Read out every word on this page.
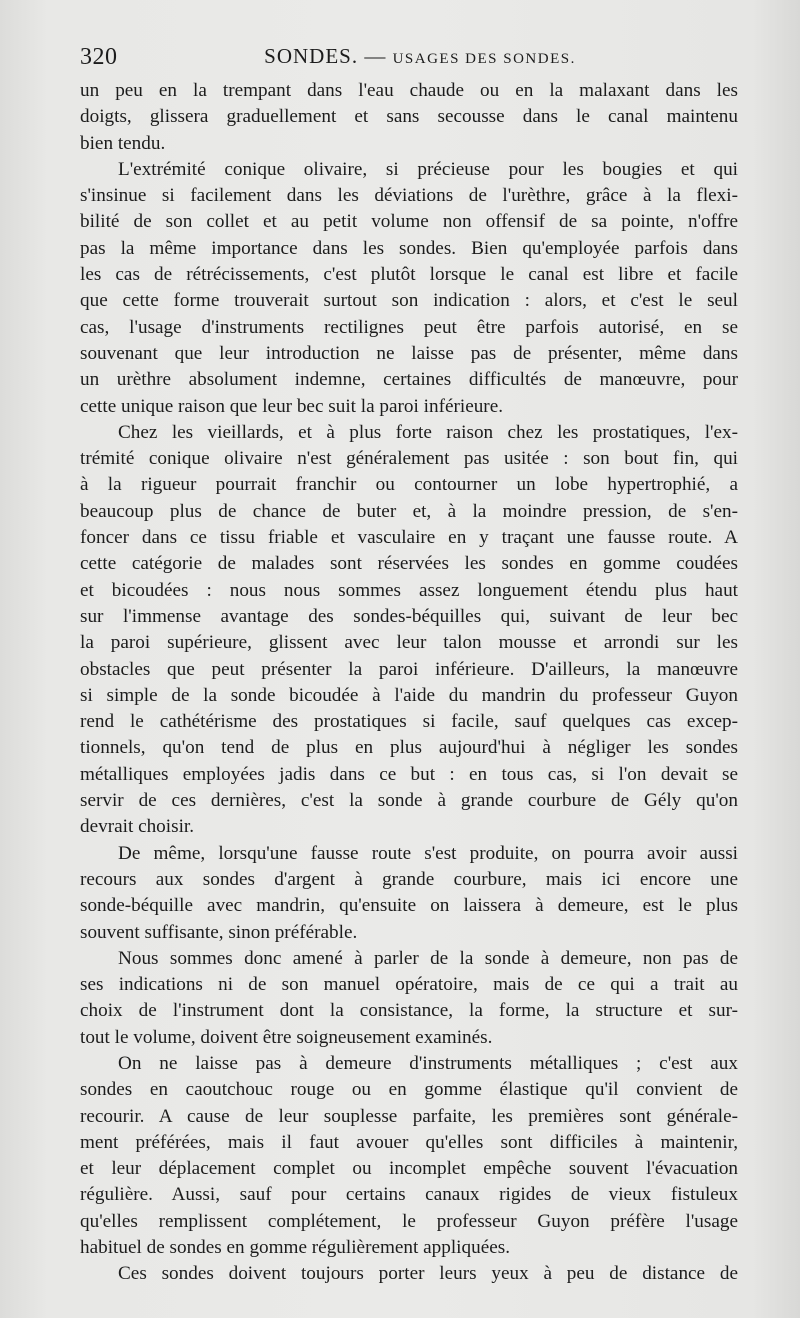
320	SONDES. — USAGES DES SONDES.
un peu en la trempant dans l'eau chaude ou en la malaxant dans les
doigts, glissera graduellement et sans secousse dans le canal maintenu
bien tendu.
L'extrémité conique olivaire, si précieuse pour les bougies et qui
s'insinue si facilement dans les déviations de l'urèthre, grâce à la flexi-
bilité de son collet et au petit volume non offensif de sa pointe, n'offre
pas la même importance dans les sondes. Bien qu'employée parfois dans
les cas de rétrécissements, c'est plutôt lorsque le canal est libre et facile
que cette forme trouverait surtout son indication : alors, et c'est le seul
cas, l'usage d'instruments rectilignes peut être parfois autorisé, en se
souvenant que leur introduction ne laisse pas de présenter, même dans
un urèthre absolument indemne, certaines difficultés de manœuvre, pour
cette unique raison que leur bec suit la paroi inférieure.
Chez les vieillards, et à plus forte raison chez les prostatiques, l'ex-
trémité conique olivaire n'est généralement pas usitée : son bout fin, qui
à la rigueur pourrait franchir ou contourner un lobe hypertrophié, a
beaucoup plus de chance de buter et, à la moindre pression, de s'en-
foncer dans ce tissu friable et vasculaire en y traçant une fausse route. A
cette catégorie de malades sont réservées les sondes en gomme coudées
et bicoudées : nous nous sommes assez longuement étendu plus haut
sur l'immense avantage des sondes-béquilles qui, suivant de leur bec
la paroi supérieure, glissent avec leur talon mousse et arrondi sur les
obstacles que peut présenter la paroi inférieure. D'ailleurs, la manœuvre
si simple de la sonde bicoudée à l'aide du mandrin du professeur Guyon
rend le cathétérisme des prostatiques si facile, sauf quelques cas excep-
tionnels, qu'on tend de plus en plus aujourd'hui à négliger les sondes
métalliques employées jadis dans ce but : en tous cas, si l'on devait se
servir de ces dernières, c'est la sonde à grande courbure de Gély qu'on
devrait choisir.
De même, lorsqu'une fausse route s'est produite, on pourra avoir aussi
recours aux sondes d'argent à grande courbure, mais ici encore une
sonde-béquille avec mandrin, qu'ensuite on laissera à demeure, est le plus
souvent suffisante, sinon préférable.
Nous sommes donc amené à parler de la sonde à demeure, non pas de
ses indications ni de son manuel opératoire, mais de ce qui a trait au
choix de l'instrument dont la consistance, la forme, la structure et sur-
tout le volume, doivent être soigneusement examinés.
On ne laisse pas à demeure d'instruments métalliques ; c'est aux
sondes en caoutchouc rouge ou en gomme élastique qu'il convient de
recourir. A cause de leur souplesse parfaite, les premières sont générale-
ment préférées, mais il faut avouer qu'elles sont difficiles à maintenir,
et leur déplacement complet ou incomplet empêche souvent l'évacuation
régulière. Aussi, sauf pour certains canaux rigides de vieux fistuleux
qu'elles remplissent complétement, le professeur Guyon préfère l'usage
habituel de sondes en gomme régulièrement appliquées.
Ces sondes doivent toujours porter leurs yeux à peu de distance de
